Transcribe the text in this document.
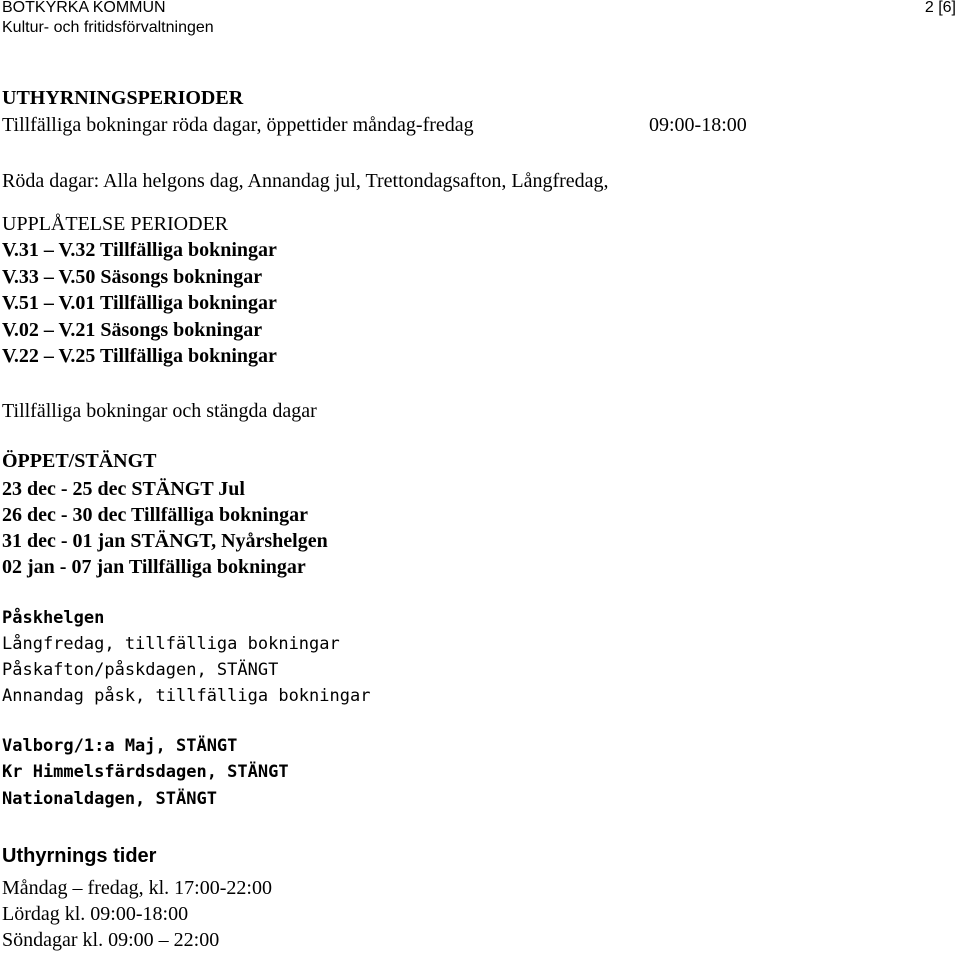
BOTKYRKA KOMMUN
Kultur- och fritidsförvaltningen
2 [6]
UTHYRNINGSPERIODER
Tillfälliga bokningar röda dagar, öppettider måndag-fredag	09:00-18:00
Röda dagar: Alla helgons dag, Annandag jul, Trettondagsafton, Långfredag,
UPPLÅTELSE PERIODER
V.31 – V.32 Tillfälliga bokningar
V.33 – V.50 Säsongs bokningar
V.51 – V.01 Tillfälliga bokningar
V.02 – V.21 Säsongs bokningar
V.22 – V.25 Tillfälliga bokningar
Tillfälliga bokningar och stängda dagar
ÖPPET/STÄNGT
23 dec - 25 dec STÄNGT Jul
26 dec - 30 dec Tillfälliga bokningar
31 dec - 01 jan STÄNGT, Nyårshelgen
02 jan - 07 jan Tillfälliga bokningar
Påskhelgen
Långfredag, tillfälliga bokningar
Påskafton/påskdagen, STÄNGT
Annandag påsk, tillfälliga bokningar
Valborg/1:a Maj, STÄNGT
Kr Himmelsfärdsdagen, STÄNGT
Nationaldagen, STÄNGT
Uthyrnings tider
Måndag – fredag, kl. 17:00-22:00
Lördag kl. 09:00-18:00
Söndagar kl. 09:00 – 22:00
